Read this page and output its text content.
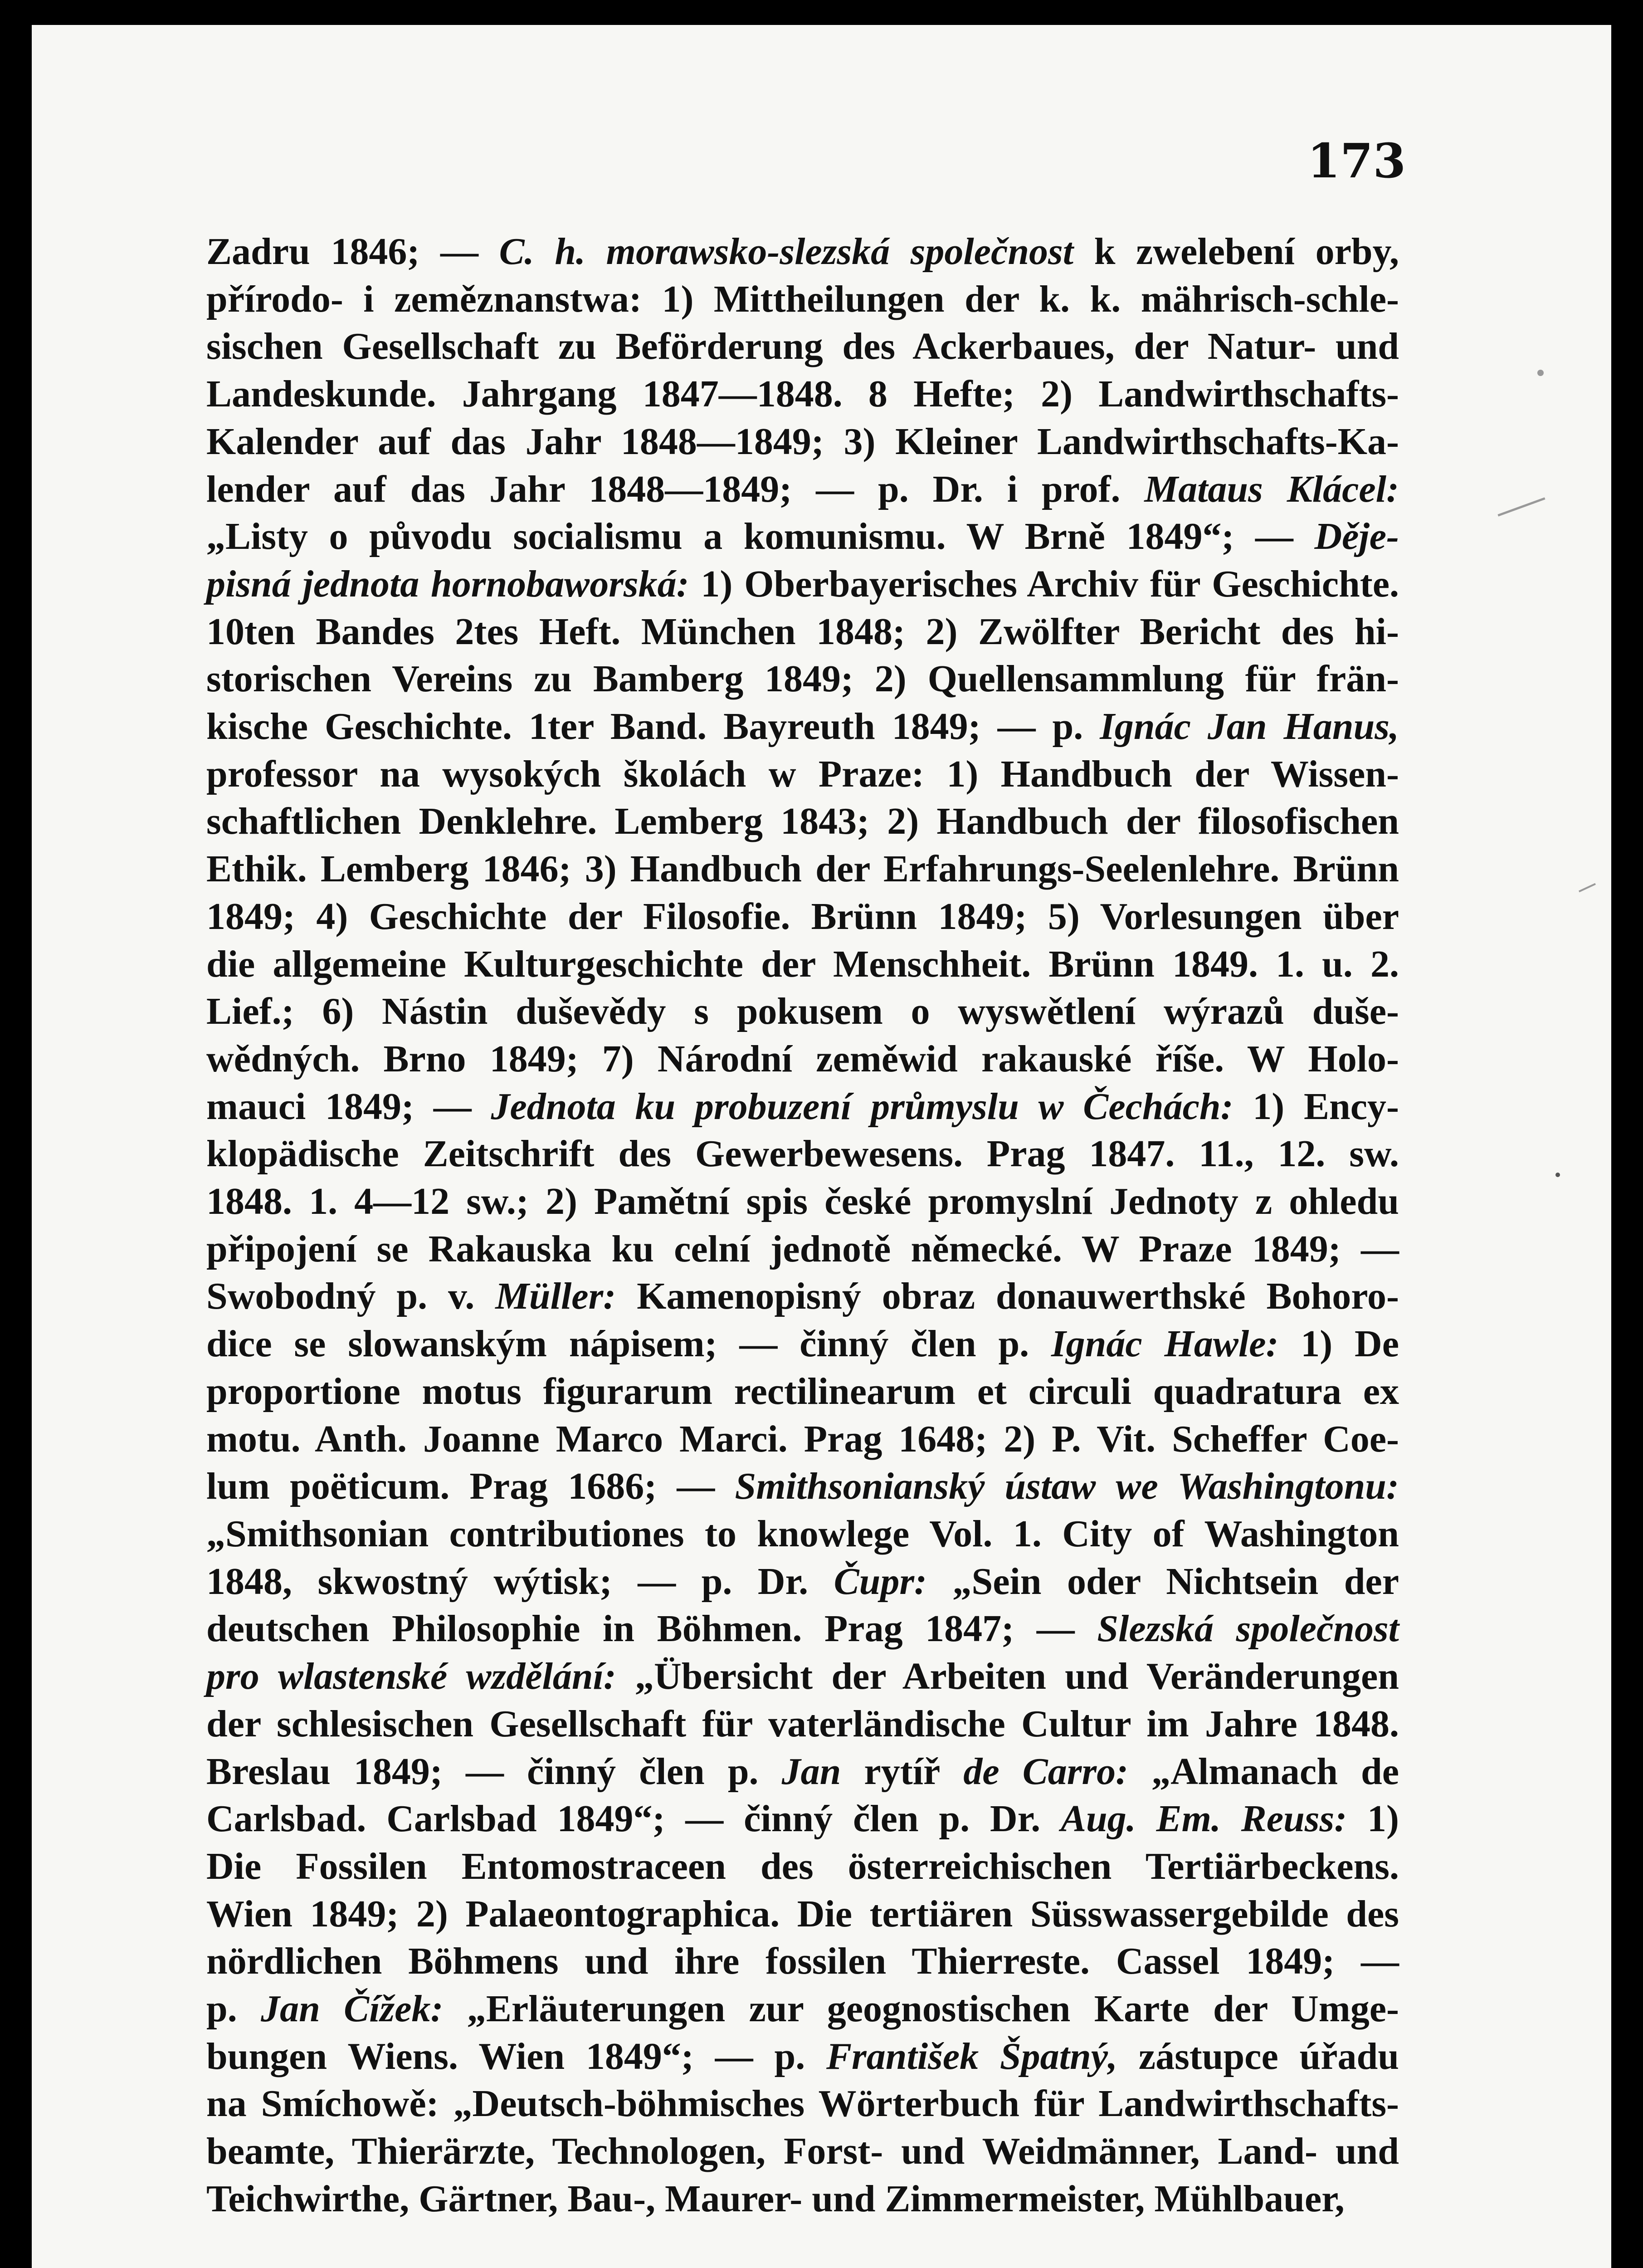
173
Zadru 1846; — C. h. morawsko-slezská společnost k zwelebení orby,
přírodo- i zeměznanstwa: 1) Mittheilungen der k. k. mährisch-schle-
sischen Gesellschaft zu Beförderung des Ackerbaues, der Natur- und
Landeskunde. Jahrgang 1847—1848. 8 Hefte; 2) Landwirthschafts-
Kalender auf das Jahr 1848—1849; 3) Kleiner Landwirthschafts-Ka-
lender auf das Jahr 1848—1849; — p. Dr. i prof. Mataus Klácel:
„Listy o původu socialismu a komunismu. W Brně 1849“; — Děje-
pisná jednota hornobaworská: 1) Oberbayerisches Archiv für Geschichte.
10ten Bandes 2tes Heft. München 1848; 2) Zwölfter Bericht des hi-
storischen Vereins zu Bamberg 1849; 2) Quellensammlung für frän-
kische Geschichte. 1ter Band. Bayreuth 1849; — p. Ignác Jan Hanus,
professor na wysokých školách w Praze: 1) Handbuch der Wissen-
schaftlichen Denklehre. Lemberg 1843; 2) Handbuch der filosofischen
Ethik. Lemberg 1846; 3) Handbuch der Erfahrungs-Seelenlehre. Brünn
1849; 4) Geschichte der Filosofie. Brünn 1849; 5) Vorlesungen über
die allgemeine Kulturgeschichte der Menschheit. Brünn 1849. 1. u. 2.
Lief.; 6) Nástin duševědy s pokusem o wyswětlení wýrazů duše-
wědných. Brno 1849; 7) Národní zeměwid rakauské říše. W Holo-
mauci 1849; — Jednota ku probuzení průmyslu w Čechách: 1) Ency-
klopädische Zeitschrift des Gewerbewesens. Prag 1847. 11., 12. sw.
1848. 1. 4—12 sw.; 2) Pamětní spis české promyslní Jednoty z ohledu
připojení se Rakauska ku celní jednotě německé. W Praze 1849; —
Swobodný p. v. Müller: Kamenopisný obraz donauwerthské Bohoro-
dice se slowanským nápisem; — činný člen p. Ignác Hawle: 1) De
proportione motus figurarum rectilinearum et circuli quadratura ex
motu. Anth. Joanne Marco Marci. Prag 1648; 2) P. Vit. Scheffer Coe-
lum poëticum. Prag 1686; — Smithsonianský ústaw we Washingtonu:
„Smithsonian contributiones to knowlege Vol. 1. City of Washington
1848, skwostný wýtisk; — p. Dr. Čupr: „Sein oder Nichtsein der
deutschen Philosophie in Böhmen. Prag 1847; — Slezská společnost
pro wlastenské wzdělání: „Übersicht der Arbeiten und Veränderungen
der schlesischen Gesellschaft für vaterländische Cultur im Jahre 1848.
Breslau 1849; — činný člen p. Jan rytíř de Carro: „Almanach de
Carlsbad. Carlsbad 1849“; — činný člen p. Dr. Aug. Em. Reuss: 1)
Die Fossilen Entomostraceen des österreichischen Tertiärbeckens.
Wien 1849; 2) Palaeontographica. Die tertiären Süsswassergebilde des
nördlichen Böhmens und ihre fossilen Thierreste. Cassel 1849; —
p. Jan Čížek: „Erläuterungen zur geognostischen Karte der Umge-
bungen Wiens. Wien 1849“; — p. František Špatný, zástupce úřadu
na Smíchowě: „Deutsch-böhmisches Wörterbuch für Landwirthschafts-
beamte, Thierärzte, Technologen, Forst- und Weidmänner, Land- und
Teichwirthe, Gärtner, Bau-, Maurer- und Zimmermeister, Mühlbauer,
